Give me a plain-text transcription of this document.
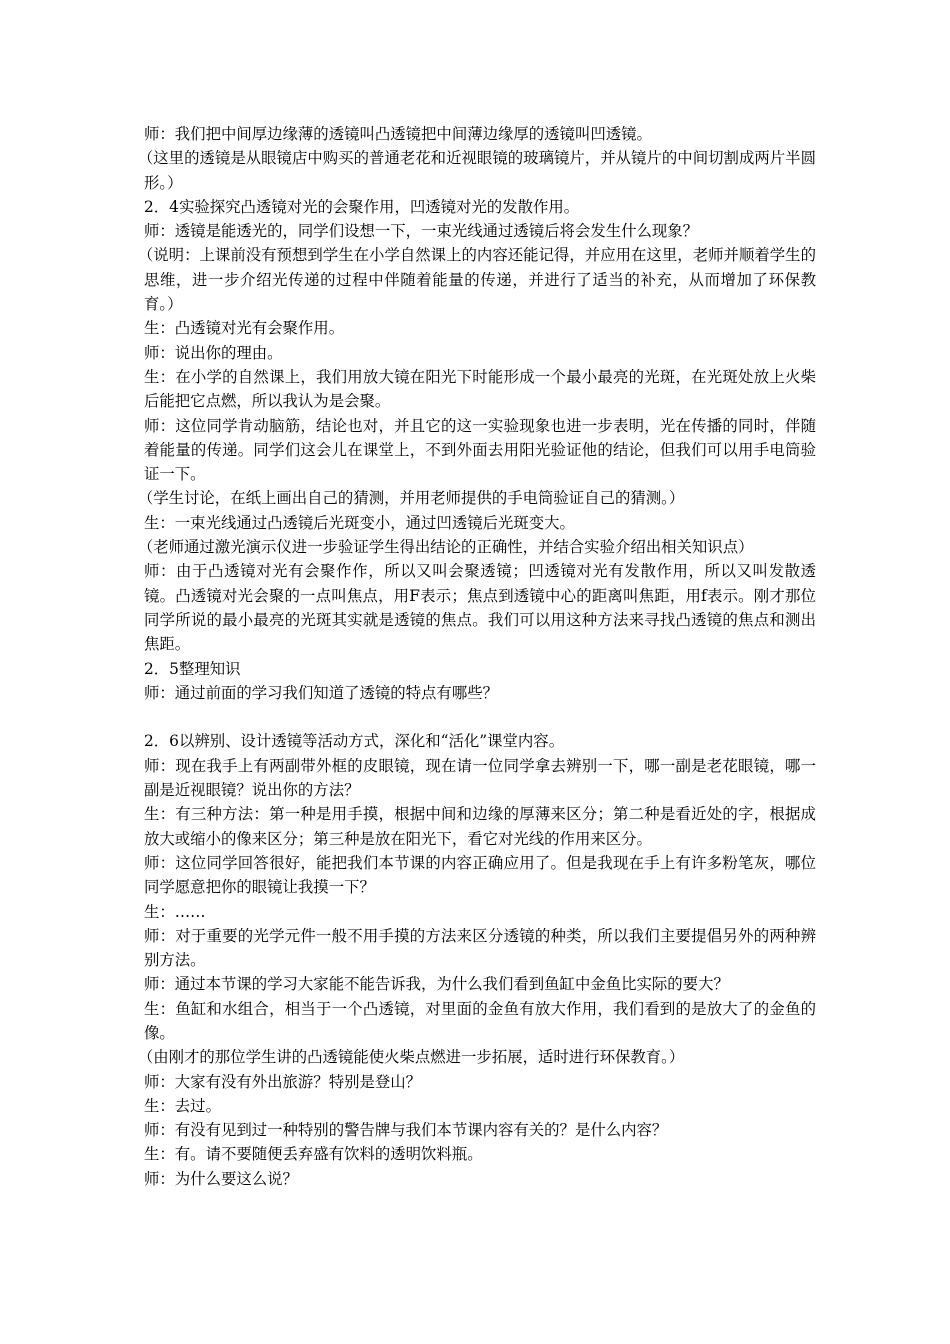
师：我们把中间厚边缘薄的透镜叫凸透镜把中间薄边缘厚的透镜叫凹透镜。

（这里的透镜是从眼镜店中购买的普通老花和近视眼镜的玻璃镜片，并从镜片的中间切割成两片半圆形。）

2．4实验探究凸透镜对光的会聚作用，凹透镜对光的发散作用。

师：透镜是能透光的，同学们设想一下，一束光线通过透镜后将会发生什么现象？

（说明：上课前没有预想到学生在小学自然课上的内容还能记得，并应用在这里，老师并顺着学生的思维，进一步介绍光传递的过程中伴随着能量的传递，并进行了适当的补充，从而增加了环保教育。）

生：凸透镜对光有会聚作用。

师：说出你的理由。

生：在小学的自然课上，我们用放大镜在阳光下时能形成一个最小最亮的光斑，在光斑处放上火柴后能把它点燃，所以我认为是会聚。

师：这位同学肯动脑筋，结论也对，并且它的这一实验现象也进一步表明，光在传播的同时，伴随着能量的传递。同学们这会儿在课堂上，不到外面去用阳光验证他的结论，但我们可以用手电筒验证一下。

（学生讨论，在纸上画出自己的猜测，并用老师提供的手电筒验证自己的猜测。）

生：一束光线通过凸透镜后光斑变小，通过凹透镜后光斑变大。

（老师通过激光演示仪进一步验证学生得出结论的正确性，并结合实验介绍出相关知识点）

师：由于凸透镜对光有会聚作作，所以又叫会聚透镜；凹透镜对光有发散作用，所以又叫发散透镜。凸透镜对光会聚的一点叫焦点，用F表示；焦点到透镜中心的距离叫焦距，用f表示。刚才那位同学所说的最小最亮的光斑其实就是透镜的焦点。我们可以用这种方法来寻找凸透镜的焦点和测出焦距。

2．5整理知识

师：通过前面的学习我们知道了透镜的特点有哪些？

2．6以辨别、设计透镜等活动方式，深化和“活化”课堂内容。

师：现在我手上有两副带外框的皮眼镜，现在请一位同学拿去辨别一下，哪一副是老花眼镜，哪一副是近视眼镜？说出你的方法？

生：有三种方法：第一种是用手摸，根据中间和边缘的厚薄来区分；第二种是看近处的字，根据成放大或缩小的像来区分；第三种是放在阳光下，看它对光线的作用来区分。

师：这位同学回答很好，能把我们本节课的内容正确应用了。但是我现在手上有许多粉笔灰，哪位同学愿意把你的眼镜让我摸一下？

生：……

师：对于重要的光学元件一般不用手摸的方法来区分透镜的种类，所以我们主要提倡另外的两种辨别方法。

师：通过本节课的学习大家能不能告诉我，为什么我们看到鱼缸中金鱼比实际的要大？

生：鱼缸和水组合，相当于一个凸透镜，对里面的金鱼有放大作用，我们看到的是放大了的金鱼的像。

（由刚才的那位学生讲的凸透镜能使火柴点燃进一步拓展，适时进行环保教育。）

师：大家有没有外出旅游？特别是登山？

生：去过。

师：有没有见到过一种特别的警告牌与我们本节课内容有关的？是什么内容？

生：有。请不要随便丢弃盛有饮料的透明饮料瓶。

师：为什么要这么说？
